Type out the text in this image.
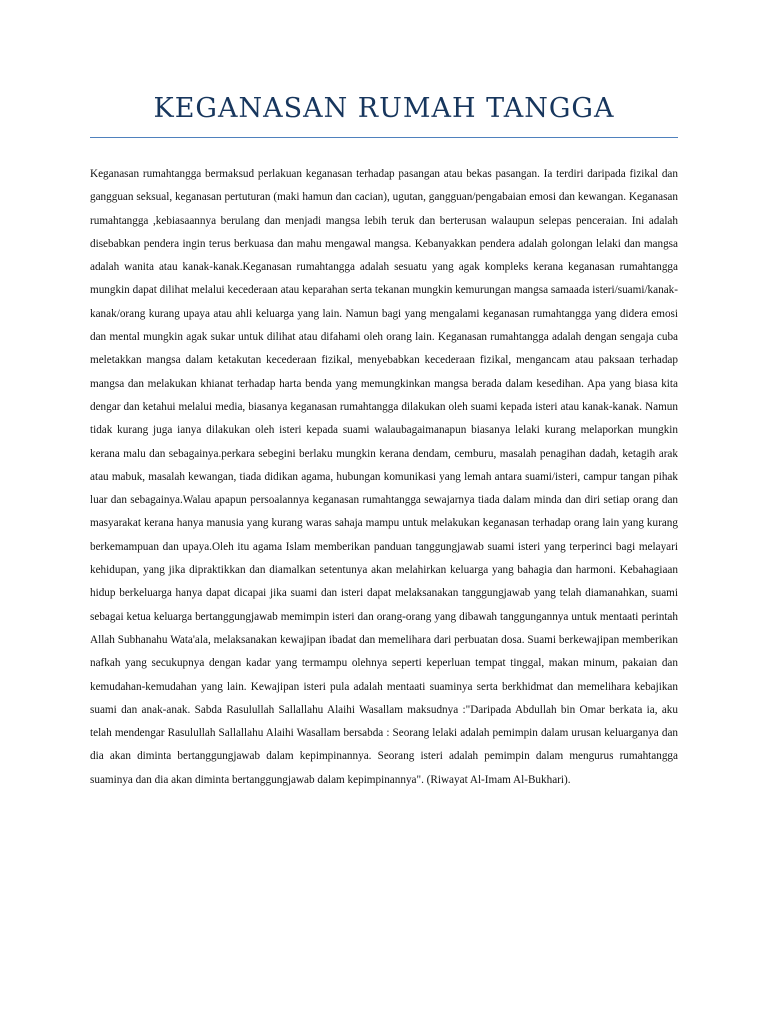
KEGANASAN RUMAH TANGGA

Keganasan rumahtangga bermaksud perlakuan keganasan terhadap pasangan atau bekas pasangan. Ia terdiri daripada fizikal dan gangguan seksual, keganasan pertuturan (maki hamun dan cacian), ugutan, gangguan/pengabaian emosi dan kewangan. Keganasan rumahtangga ,kebiasaannya berulang dan menjadi mangsa lebih teruk dan berterusan walaupun selepas penceraian. Ini adalah disebabkan pendera ingin terus berkuasa dan mahu mengawal mangsa. Kebanyakkan pendera adalah golongan lelaki dan mangsa adalah wanita atau kanak-kanak.Keganasan rumahtangga adalah sesuatu yang agak kompleks kerana keganasan rumahtangga mungkin dapat dilihat melalui kecederaan atau keparahan serta tekanan mungkin kemurungan mangsa samaada isteri/suami/kanak-kanak/orang kurang upaya atau ahli keluarga yang lain. Namun bagi yang mengalami keganasan rumahtangga yang didera emosi dan mental mungkin agak sukar untuk dilihat atau difahami oleh orang lain. Keganasan rumahtangga adalah dengan sengaja cuba meletakkan mangsa dalam ketakutan kecederaan fizikal, menyebabkan kecederaan fizikal, mengancam atau paksaan terhadap mangsa dan melakukan khianat terhadap harta benda yang memungkinkan mangsa berada dalam kesedihan. Apa yang biasa kita dengar dan ketahui melalui media, biasanya keganasan rumahtangga dilakukan oleh suami kepada isteri atau kanak-kanak. Namun tidak kurang juga ianya dilakukan oleh isteri kepada suami walaubagaimanapun biasanya lelaki kurang melaporkan mungkin kerana malu dan sebagainya.perkara sebegini berlaku mungkin kerana dendam, cemburu, masalah penagihan dadah, ketagih arak atau mabuk, masalah kewangan, tiada didikan agama, hubungan komunikasi yang lemah antara suami/isteri, campur tangan pihak luar dan sebagainya.Walau apapun persoalannya keganasan rumahtangga sewajarnya tiada dalam minda dan diri setiap orang dan masyarakat kerana hanya manusia yang kurang waras sahaja mampu untuk melakukan keganasan terhadap orang lain yang kurang berkemampuan dan upaya.Oleh itu agama Islam memberikan panduan tanggungjawab suami isteri yang terperinci bagi melayari kehidupan, yang jika dipraktikkan dan diamalkan setentunya akan melahirkan keluarga yang bahagia dan harmoni. Kebahagiaan hidup berkeluarga hanya dapat dicapai jika suami dan isteri dapat melaksanakan tanggungjawab yang telah diamanahkan, suami sebagai ketua keluarga bertanggungjawab memimpin isteri dan orang-orang yang dibawah tanggungannya untuk mentaati perintah Allah Subhanahu Wata'ala, melaksanakan kewajipan ibadat dan memelihara dari perbuatan dosa. Suami berkewajipan memberikan nafkah yang secukupnya dengan kadar yang termampu olehnya seperti keperluan tempat tinggal, makan minum, pakaian dan kemudahan-kemudahan yang lain. Kewajipan isteri pula adalah mentaati suaminya serta berkhidmat dan memelihara kebajikan suami dan anak-anak. Sabda Rasulullah Sallallahu Alaihi Wasallam maksudnya :"Daripada Abdullah bin Omar berkata ia, aku telah mendengar Rasulullah Sallallahu Alaihi Wasallam bersabda : Seorang lelaki adalah pemimpin dalam urusan keluarganya dan dia akan diminta bertanggungjawab dalam kepimpinannya. Seorang isteri adalah pemimpin dalam mengurus rumahtangga suaminya dan dia akan diminta bertanggungjawab dalam kepimpinannya". (Riwayat Al-Imam Al-Bukhari).
